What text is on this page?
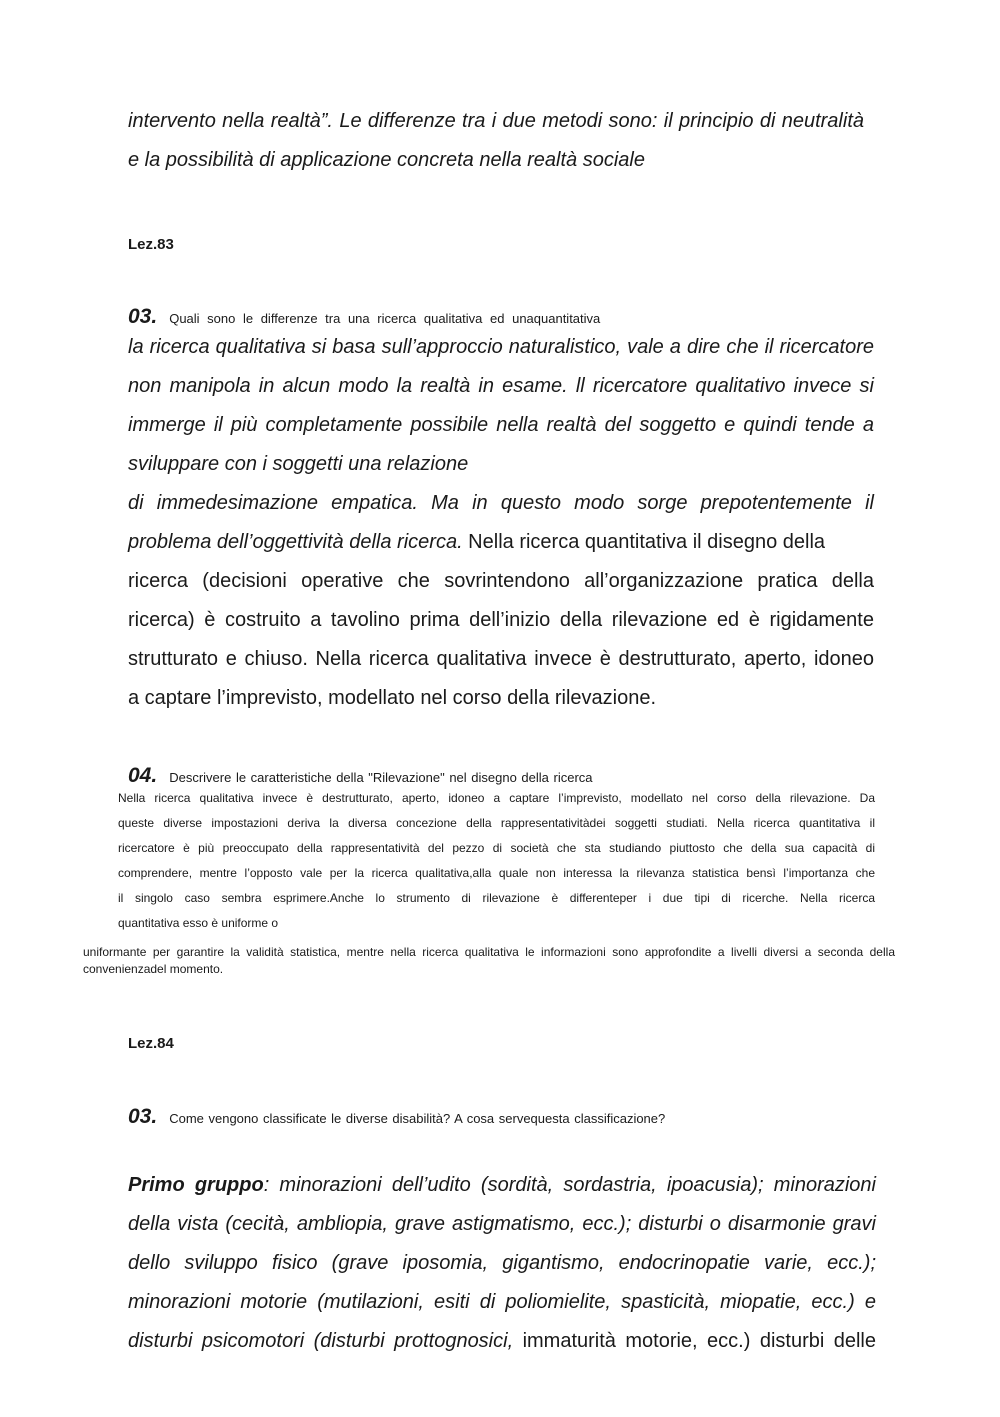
intervento nella realtà”. Le differenze tra i due metodi sono: il principio di neutralità
e la possibilità di applicazione concreta nella realtà sociale
Lez.83
03. Quali sono le differenze tra una ricerca qualitativa ed unaquantitativa
la ricerca qualitativa si basa sull’approccio naturalistico, vale a dire che il ricercatore
non manipola in alcun modo la realtà in esame. ll ricercatore qualitativo invece si
immerge il più completamente possibile nella realtà del soggetto e quindi tende a
sviluppare con i soggetti una relazione
di immedesimazione empatica. Ma in questo modo sorge prepotentemente il
problema dell’oggettività della ricerca. Nella ricerca quantitativa il disegno della
ricerca (decisioni operative che sovrintendono all’organizzazione pratica della
ricerca) è costruito a tavolino prima dell’inizio della rilevazione ed è rigidamente
strutturato e chiuso. Nella ricerca qualitativa invece è destrutturato, aperto, idoneo
a captare l’imprevisto, modellato nel corso della rilevazione.
04. Descrivere le caratteristiche della "Rilevazione" nel disegno della ricerca
Nella ricerca qualitativa invece è destrutturato, aperto, idoneo a captare l’imprevisto, modellato nel corso della rilevazione. Da
queste diverse impostazioni deriva la diversa concezione della rappresentativitàdei soggetti studiati. Nella ricerca quantitativa il
ricercatore è più preoccupato della rappresentatività del pezzo di società che sta studiando piuttosto che della sua capacità di
comprendere, mentre l’opposto vale per la ricerca qualitativa,alla quale non interessa la rilevanza statistica bensì l’importanza che
il singolo caso sembra esprimere.Anche lo strumento di rilevazione è differenteper i due tipi di ricerche. Nella ricerca
quantitativa esso è uniforme o
uniformante per garantire la validità statistica, mentre nella ricerca qualitativa le informazioni sono approfondite a livelli diversi a seconda della
convenienzadel momento.
Lez.84
03. Come vengono classificate le diverse disabilità? A cosa servequesta classificazione?
Primo gruppo: minorazioni dell’udito (sordità, sordastria, ipoacusia); minorazioni
della vista (cecità, ambliopia, grave astigmatismo, ecc.); disturbi o disarmonie gravi
dello sviluppo fisico (grave iposomia, gigantismo, endocrinopatie varie, ecc.);
minorazioni motorie (mutilazioni, esiti di poliomielite, spasticità, miopatie, ecc.) e
disturbi psicomotori (disturbi prottognosici, immaturità motorie, ecc.) disturbi delle
